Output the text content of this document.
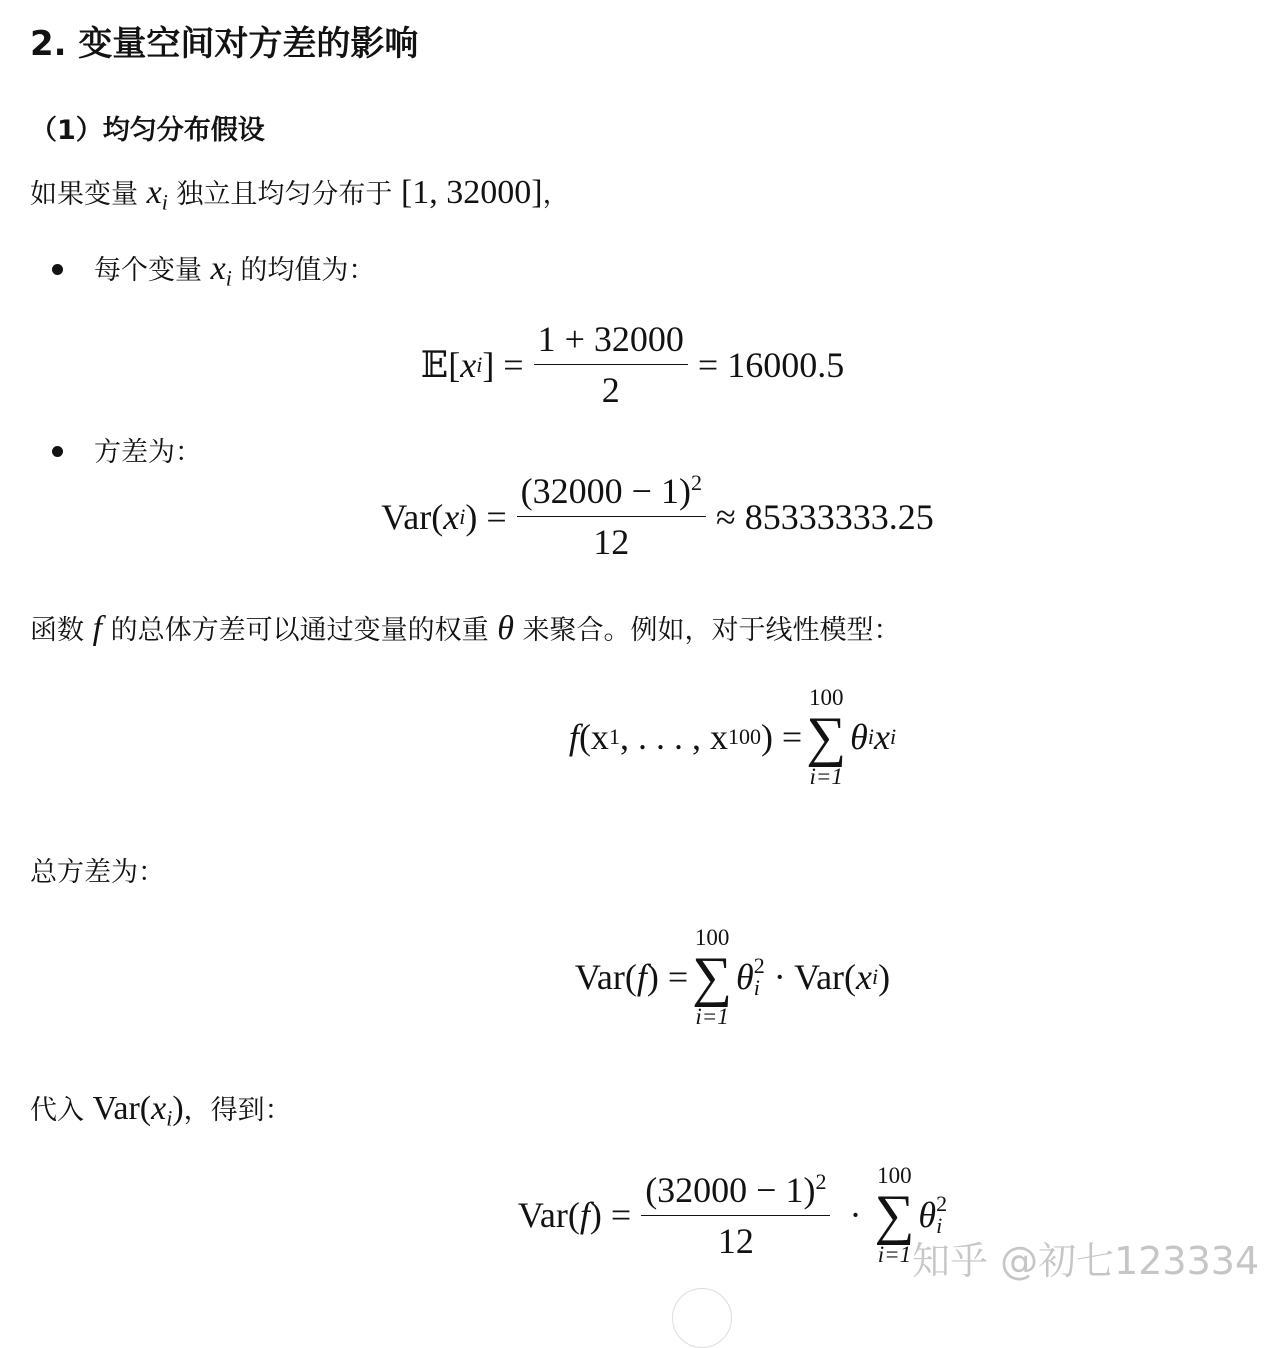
2. 变量空间对方差的影响
（1）均匀分布假设
如果变量 $x_i$ 独立且均匀分布于 [1, 32000]，
每个变量 $x_i$ 的均值为：
𝔼[ x i ] = $\frac{1 + 32000}{2} = 16000.5$
方差为：
Var( x i ) = $\frac{(32000 - 1)^2}{12} \approx 85333333.25$
函数 f 的总体方差可以通过变量的权重 θ 来聚合。例如，对于线性模型：
f (x 1 , . . . , x 100 ) =
100
∑
i=1
θ i x i
总方差为：
Var( f ) =
100
∑
i=1
θ 2
i · Var( x i )
代入 $Var(x_i)$，得到：
Var( f ) = $\frac{(32000 - 1)^2}{12}$ ·
100
∑
i=1
θ 2
i
知乎 @初七123334
